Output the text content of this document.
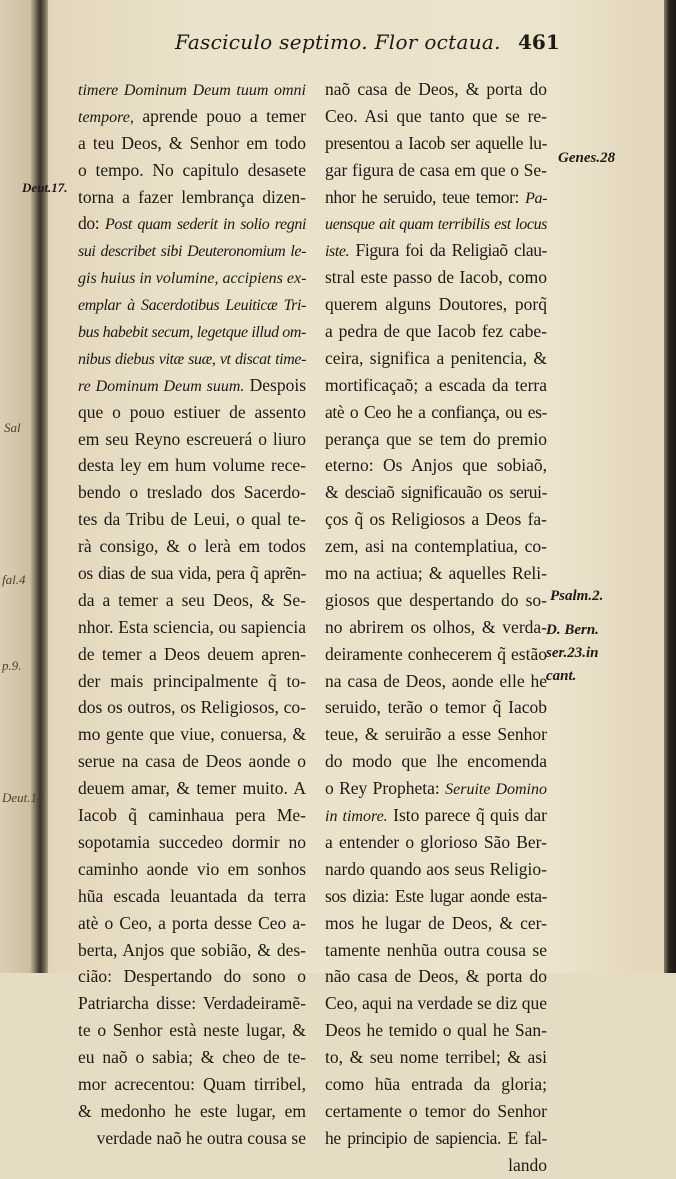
Fasciculo septimo. Flor octaua. 461
timere Dominum Deum tuum omni
tempore, aprende pouo a temer
a teu Deos, & Senhor em todo
o tempo. No capitulo desasete
torna a fazer lembrança dizen-
do: Post quam sederit in solio regni
sui describet sibi Deuteronomium le-
gis huius in volumine, accipiens ex-
emplar à Sacerdotibus Leuiticæ Tri-
bus habebit secum, legetque illud om-
nibus diebus vitæ suæ, vt discat time-
re Dominum Deum suum. Despois
que o pouo estiuer de assento
em seu Reyno escreuerá o liuro
desta ley em hum volume rece-
bendo o treslado dos Sacerdo-
tes da Tribu de Leui, o qual te-
rà consigo, & o lerà em todos
os dias de sua vida, pera q̃ aprẽn-
da a temer a seu Deos, & Se-
nhor. Esta sciencia, ou sapiencia
de temer a Deos deuem apren-
der mais principalmente q̃ to-
dos os outros, os Religiosos, co-
mo gente que viue, conuersa, &
serue na casa de Deos aonde o
deuem amar, & temer muito. A
Iacob q̃ caminhaua pera Me-
sopotamia succedeo dormir no
caminho aonde vio em sonhos
hũa escada leuantada da terra
atè o Ceo, a porta desse Ceo a-
berta, Anjos que sobião, & des-
cião: Despertando do sono o
Patriarcha disse: Verdadeiramẽ-
te o Senhor està neste lugar, &
eu naõ o sabia; & cheo de te-
mor acrecentou: Quam tirribel,
& medonho he este lugar, em
verdade naõ he outra cousa se
naõ casa de Deos, & porta do
Ceo. Asi que tanto que se re-
presentou a Iacob ser aquelle lu-
gar figura de casa em que o Se-
nhor he seruido, teue temor: Pa-
uensque ait quam terribilis est locus
iste. Figura foi da Religiaõ clau-
stral este passo de Iacob, como
querem alguns Doutores, porq̃
a pedra de que Iacob fez cabe-
ceira, significa a penitencia, &
mortificaçaõ; a escada da terra
atè o Ceo he a confiança, ou es-
perança que se tem do premio
eterno: Os Anjos que sobiaõ,
& desciaõ significauão os serui-
ços q̃ os Religiosos a Deos fa-
zem, asi na contemplatiua, co-
mo na actiua; & aquelles Reli-
giosos que despertando do so-
no abrirem os olhos, & verda-
deiramente conhecerem q̃ estão
na casa de Deos, aonde elle he
seruido, terão o temor q̃ Iacob
teue, & seruirão a esse Senhor
do modo que lhe encomenda
o Rey Propheta: Seruite Domino
in timore. Isto parece q̃ quis dar
a entender o glorioso São Ber-
nardo quando aos seus Religio-
sos dizia: Este lugar aonde esta-
mos he lugar de Deos, & cer-
tamente nenhũa outra cousa se
não casa de Deos, & porta do
Ceo, aqui na verdade se diz que
Deos he temido o qual he San-
to, & seu nome terribel; & asi
como hũa entrada da gloria;
certamente o temor do Senhor
he principio de sapiencia. E fal-
lando
Deut.17.
Genes.28
Psalm.2.
D. Bern.
ser.23.in
cant.
Sal
fal.4
p.9.
Deut.14
